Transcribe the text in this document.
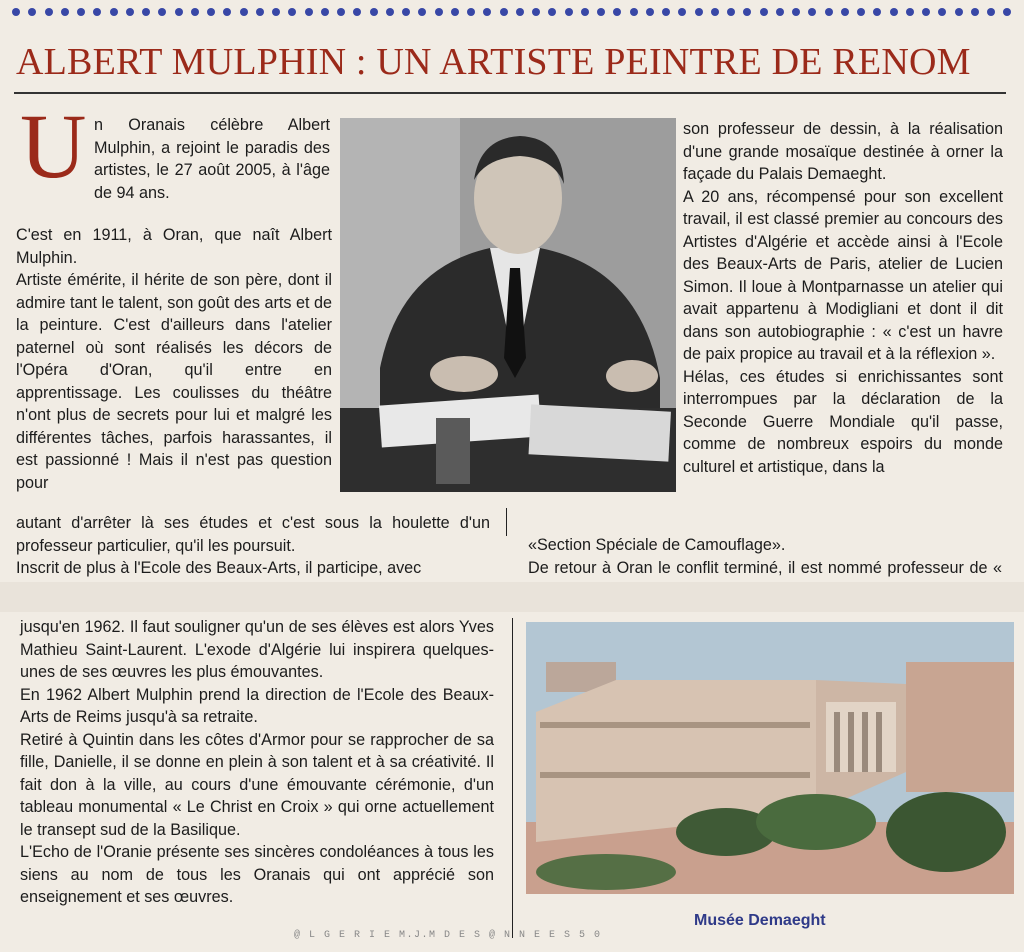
ALBERT MULPHIN : UN ARTISTE PEINTRE DE RENOM
U n Oranais célèbre Albert Mulphin, a rejoint le paradis des artistes, le 27 août 2005, à l'âge de 94 ans.

C'est en 1911, à Oran, que naît Albert Mulphin.

Artiste émérite, il hérite de son père, dont il admire tant le talent, son goût des arts et de la peinture. C'est d'ailleurs dans l'atelier paternel où sont réalisés les décors de l'Opéra d'Oran, qu'il entre en apprentissage. Les coulisses du théâtre n'ont plus de secrets pour lui et malgré les différentes tâches, parfois harassantes, il est passionné ! Mais il n'est pas question pour

autant d'arrêter là ses études et c'est sous la houlette d'un professeur particulier, qu'il les poursuit.

Inscrit de plus à l'Ecole des Beaux-Arts, il participe, avec

son professeur de dessin, à la réalisation d'une grande mosaïque destinée à orner la façade du Palais Demaeght.

A 20 ans, récompensé pour son excellent travail, il est classé premier au concours des Artistes d'Algérie et accède ainsi à l'Ecole des Beaux-Arts de Paris, atelier de Lucien Simon. Il loue à Montparnasse un atelier qui avait appartenu à Modigliani et dont il dit dans son autobiographie : « c'est un havre de paix propice au travail et à la réflexion ».

Hélas, ces études si enrichissantes sont interrompues par la déclaration de la Seconde Guerre Mondiale qu'il passe, comme de nombreux espoirs du monde culturel et artistique, dans la

«Section Spéciale de Camouflage».

De retour à Oran le conflit terminé, il est nommé professeur de «

jusqu'en 1962. Il faut souligner qu'un de ses élèves est alors Yves Mathieu Saint-Laurent. L'exode d'Algérie lui inspirera quelques-unes de ses œuvres les plus émouvantes.

En 1962 Albert Mulphin prend la direction de l'Ecole des Beaux-Arts de Reims jusqu'à sa retraite.

Retiré à Quintin dans les côtes d'Armor pour se rapprocher de sa fille, Danielle, il se donne en plein à son talent et à sa créativité. Il fait don à la ville, au cours d'une émouvante cérémonie, d'un tableau monumental « Le Christ en Croix » qui orne actuellement le transept sud de la Basilique.

L'Echo de l'Oranie présente ses sincères condoléances à tous les siens au nom de tous les Oranais qui ont apprécié son enseignement et ses œuvres.

Musée Demaeght
@ L G E R I E M.J.M D E S @ N N E E S 5 0
